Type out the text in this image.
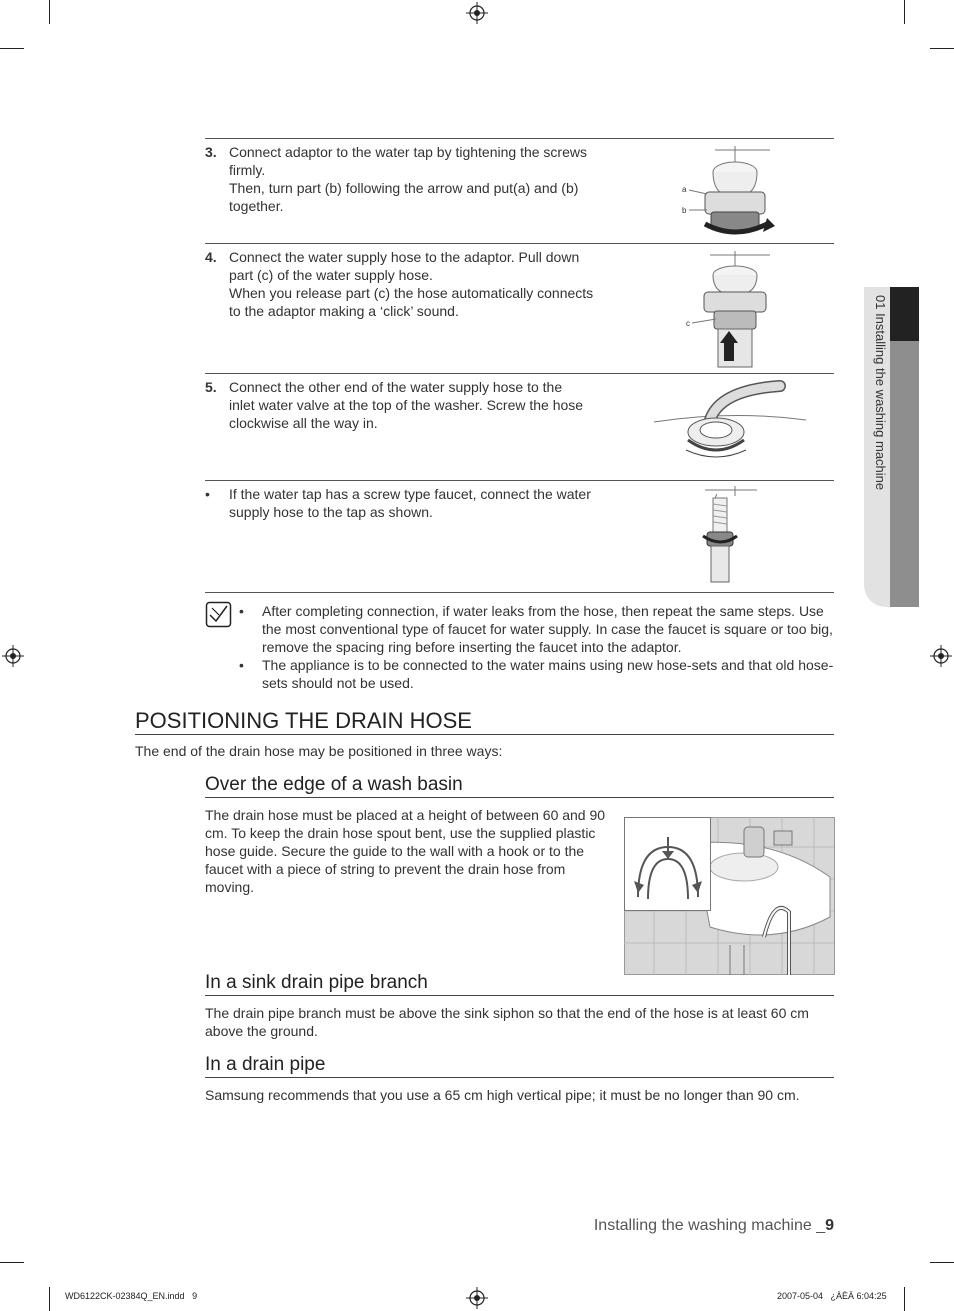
01 Installing the washing machine
3. Connect adaptor to the water tap by tightening the screws
firmly.
Then, turn part (b) following the arrow and put(a) and (b)
together.
a
b
4. Connect the water supply hose to the adaptor. Pull down
part (c) of the water supply hose.
When you release part (c) the hose automatically connects
to the adaptor making a ‘click’ sound.
c
5. Connect the other end of the water supply hose to the
inlet water valve at the top of the washer. Screw the hose
clockwise all the way in.
• If the water tap has a screw type faucet, connect the water
supply hose to the tap as shown.
• After completing connection, if water leaks from the hose, then repeat the same steps. Use the most conventional type of faucet for water supply. In case the faucet is square or too big, remove the spacing ring before inserting the faucet into the adaptor.
• The appliance is to be connected to the water mains using new hose-sets and that old hose-sets should not be used.
POSITIONING THE DRAIN HOSE
The end of the drain hose may be positioned in three ways:
Over the edge of a wash basin
The drain hose must be placed at a height of between 60 and 90 cm. To keep the drain hose spout bent, use the supplied plastic hose guide. Secure the guide to the wall with a hook or to the faucet with a piece of string to prevent the drain hose from moving.
In a sink drain pipe branch
The drain pipe branch must be above the sink siphon so that the end of the hose is at least 60 cm above the ground.
In a drain pipe
Samsung recommends that you use a 65 cm high vertical pipe; it must be no longer than 90 cm.
Installing the washing machine _9
WD6122CK-02384Q_EN.indd   9	2007-05-04   ¿ÀÈÄ 6:04:25
